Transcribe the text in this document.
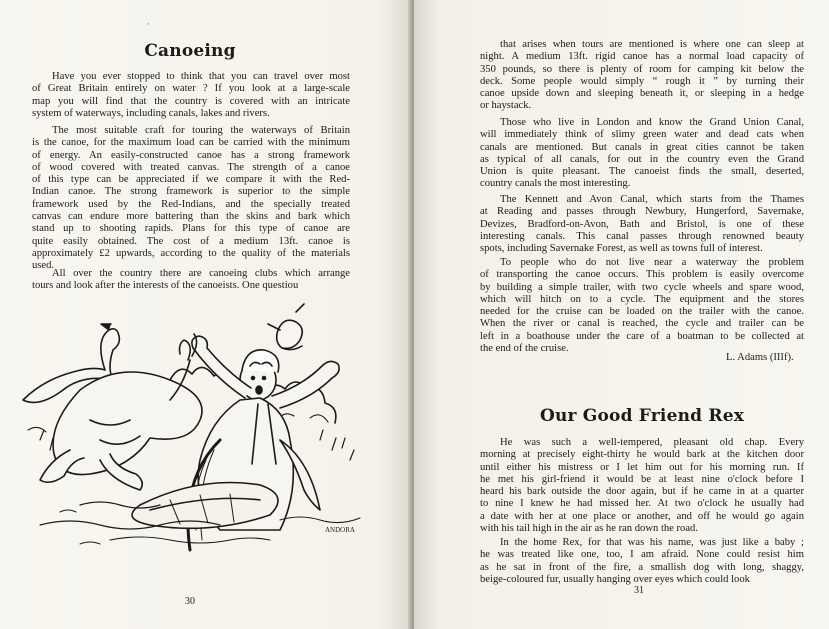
·
Canoeing

Have you ever stopped to think that you can travel over most
of Great Britain entirely on water ? If you look at a large-scale
map you will find that the country is covered with an intricate
system of waterways, including canals, lakes and rivers.

The most suitable craft for touring the waterways of Britain
is the canoe, for the maximum load can be carried with the minimum
of energy. An easily-constructed canoe has a strong framework
of wood covered with treated canvas. The strength of a canoe
of this type can be appreciated if we compare it with the Red-
Indian canoe. The strong framework is superior to the simple
framework used by the Red-Indians, and the specially treated
canvas can endure more battering than the skins and bark which
stand up to shooting rapids. Plans for this type of canoe are
quite easily obtained. The cost of a medium 13ft. canoe is
approximately £2 upwards, according to the quality of the materials
used.

All over the country there are canoeing clubs which arrange
tours and look after the interests of the canoeists. One questiou

ANDORA
30

that arises when tours are mentioned is where one can sleep at
night. A medium 13ft. rigid canoe has a normal load capacity of
350 pounds, so there is plenty of room for camping kit below the
deck. Some people would simply “ rough it ” by turning their
canoe upside down and sleeping beneath it, or sleeping in a hedge
or haystack.

Those who live in London and know the Grand Union Canal,
will immediately think of slimy green water and dead cats when
canals are mentioned. But canals in great cities cannot be taken
as typical of all canals, for out in the country even the Grand
Union is quite pleasant. The canoeist finds the small, deserted,
country canals the most interesting.

The Kennett and Avon Canal, which starts from the Thames
at Reading and passes through Newbury, Hungerford, Savernake,
Devizes, Bradford-on-Avon, Bath and Bristol, is one of these
interesting canals. This canal passes through renowned beauty
spots, including Savernake Forest, as well as towns full of interest.

To people who do not live near a waterway the problem
of transporting the canoe occurs. This problem is easily overcome
by building a simple trailer, with two cycle wheels and spare wood,
which will hitch on to a cycle. The equipment and the stores
needed for the cruise can be loaded on the trailer with the canoe.
When the river or canal is reached, the cycle and trailer can be
left in a boathouse under the care of a boatman to be collected at
the end of the cruise.

L. Adams (IIIf).
Our Good Friend Rex

He was such a well-tempered, pleasant old chap. Every
morning at precisely eight-thirty he would bark at the kitchen door
until either his mistress or I let him out for his morning run. If
he met his girl-friend it would be at least nine o'clock before I
heard his bark outside the door again, but if he came in at a quarter
to nine I knew he had missed her. At two o'clock he usually had
a date with her at one place or another, and off he would go again
with his tail high in the air as he ran down the road.

In the home Rex, for that was his name, was just like a baby ;
he was treated like one, too, I am afraid. None could resist him
as he sat in front of the fire, a smallish dog with long, shaggy,
beige-coloured fur, usually hanging over eyes which could look

31
